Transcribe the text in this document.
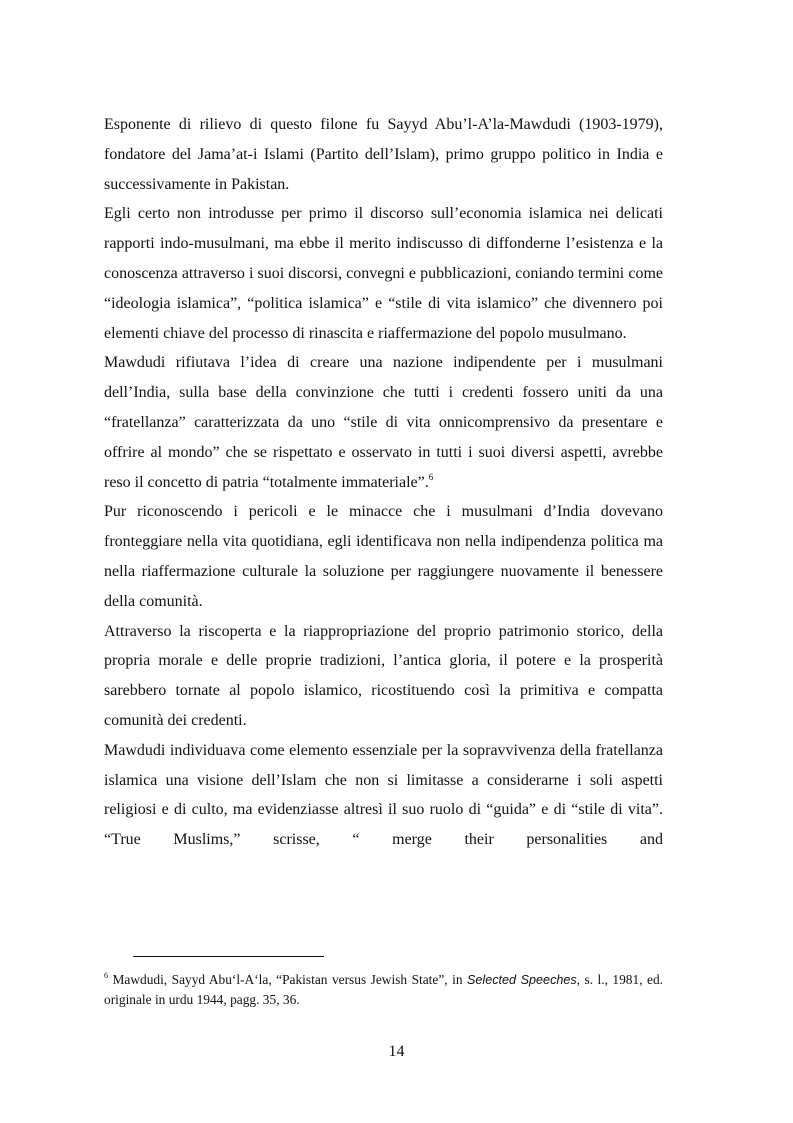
Esponente di rilievo di questo filone fu Sayyd Abu’l-A’la-Mawdudi (1903-1979), fondatore del Jama’at-i Islami (Partito dell’Islam), primo gruppo politico in India e successivamente in Pakistan.

Egli certo non introdusse per primo il discorso sull’economia islamica nei delicati rapporti indo-musulmani, ma ebbe il merito indiscusso di diffonderne l’esistenza e la conoscenza attraverso i suoi discorsi, convegni e pubblicazioni, coniando termini come “ideologia islamica”, “politica islamica” e “stile di vita islamico” che divennero poi elementi chiave del processo di rinascita e riaffermazione del popolo musulmano.

Mawdudi rifiutava l’idea di creare una nazione indipendente per i musulmani dell’India, sulla base della convinzione che tutti i credenti fossero uniti da una “fratellanza” caratterizzata da uno “stile di vita onnicomprensivo da presentare e offrire al mondo” che se rispettato e osservato in tutti i suoi diversi aspetti, avrebbe reso il concetto di patria “totalmente immateriale”.$^6$

Pur riconoscendo i pericoli e le minacce che i musulmani d’India dovevano fronteggiare nella vita quotidiana, egli identificava non nella indipendenza politica ma nella riaffermazione culturale la soluzione per raggiungere nuovamente il benessere della comunità.

Attraverso la riscoperta e la riappropriazione del proprio patrimonio storico, della propria morale e delle proprie tradizioni, l’antica gloria, il potere e la prosperità sarebbero tornate al popolo islamico, ricostituendo così la primitiva e compatta comunità dei credenti.

Mawdudi individuava come elemento essenziale per la sopravvivenza della fratellanza islamica una visione dell’Islam che non si limitasse a considerarne i soli aspetti religiosi e di culto, ma evidenziasse altresì il suo ruolo di “guida” e di “stile di vita”. “True Muslims,” scrisse, “ merge their personalities and

$^6$ Mawdudi, Sayyd Abu‘l-A‘la, “Pakistan versus Jewish State”, in Selected Speeches, s. l., 1981, ed. originale in urdu 1944, pagg. 35, 36.

14
